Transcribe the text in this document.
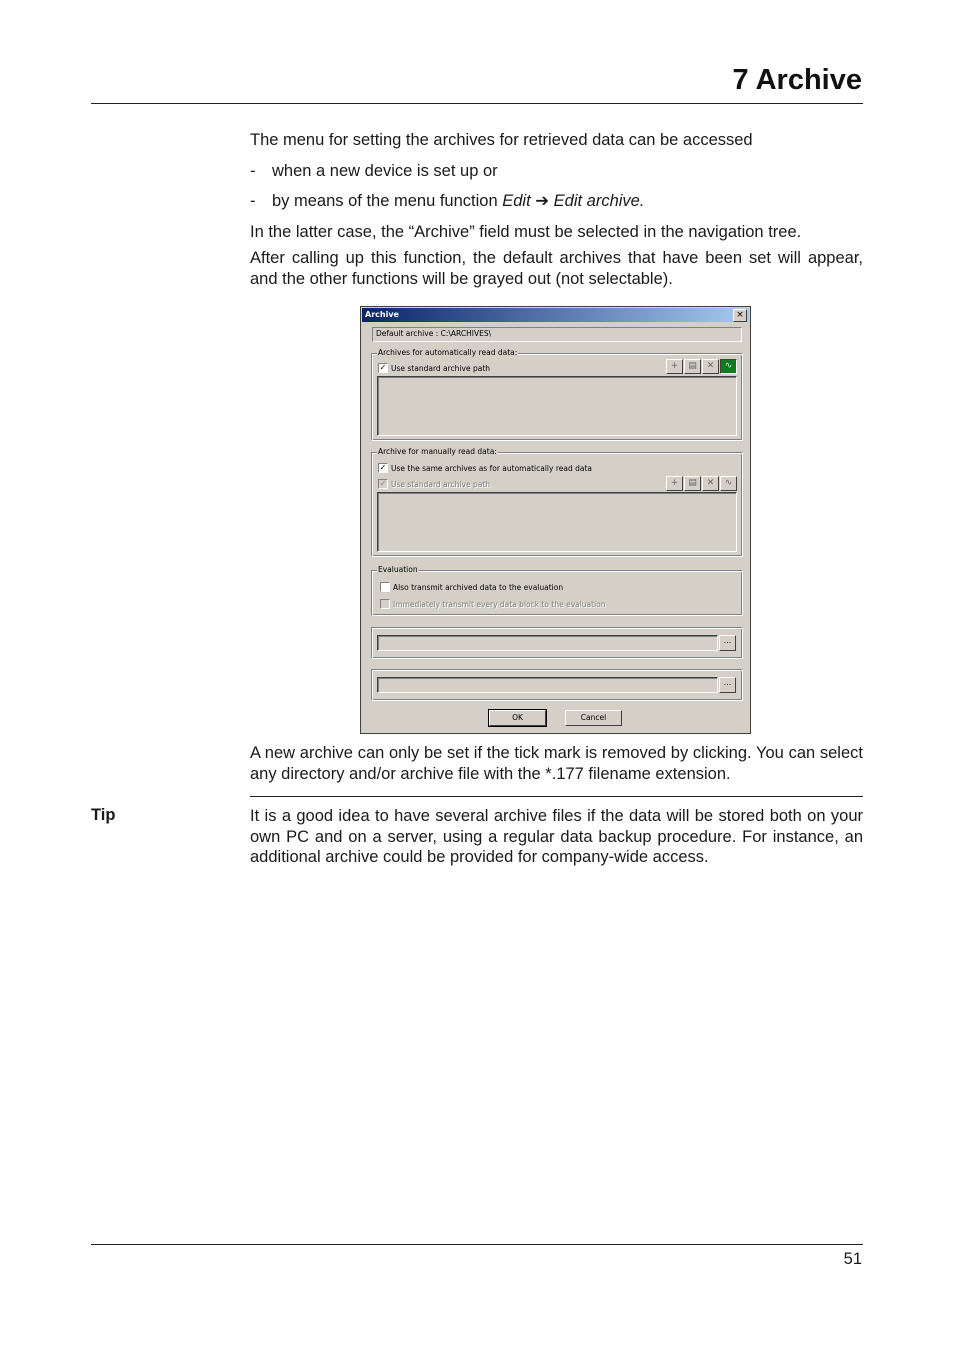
7 Archive

The menu for setting the archives for retrieved data can be accessed

-	when a new device is set up or
-	by means of the menu function Edit ➔ Edit archive.

In the latter case, the “Archive” field must be selected in the navigation tree.

After calling up this function, the default archives that have been set will appear, and the other functions will be grayed out (not selectable).

Archive	×
Default archive : C:\ARCHIVES\
Archives for automatically read data:
✓ Use standard archive path	+	▤	✕	∿
Archive for manually read data:
✓ Use the same archives as for automatically read data
✓ Use standard archive path	+	▤	✕	∿
Evaluation
Also transmit archived data to the evaluation
Immediately transmit every data block to the evaluation
...
...
OK	Cancel

A new archive can only be set if the tick mark is removed by clicking. You can select any directory and/or archive file with the *.177 filename extension.

Tip	It is a good idea to have several archive files if the data will be stored both on your own PC and on a server, using a regular data backup procedure. For instance, an additional archive could be provided for company-wide access.

51
